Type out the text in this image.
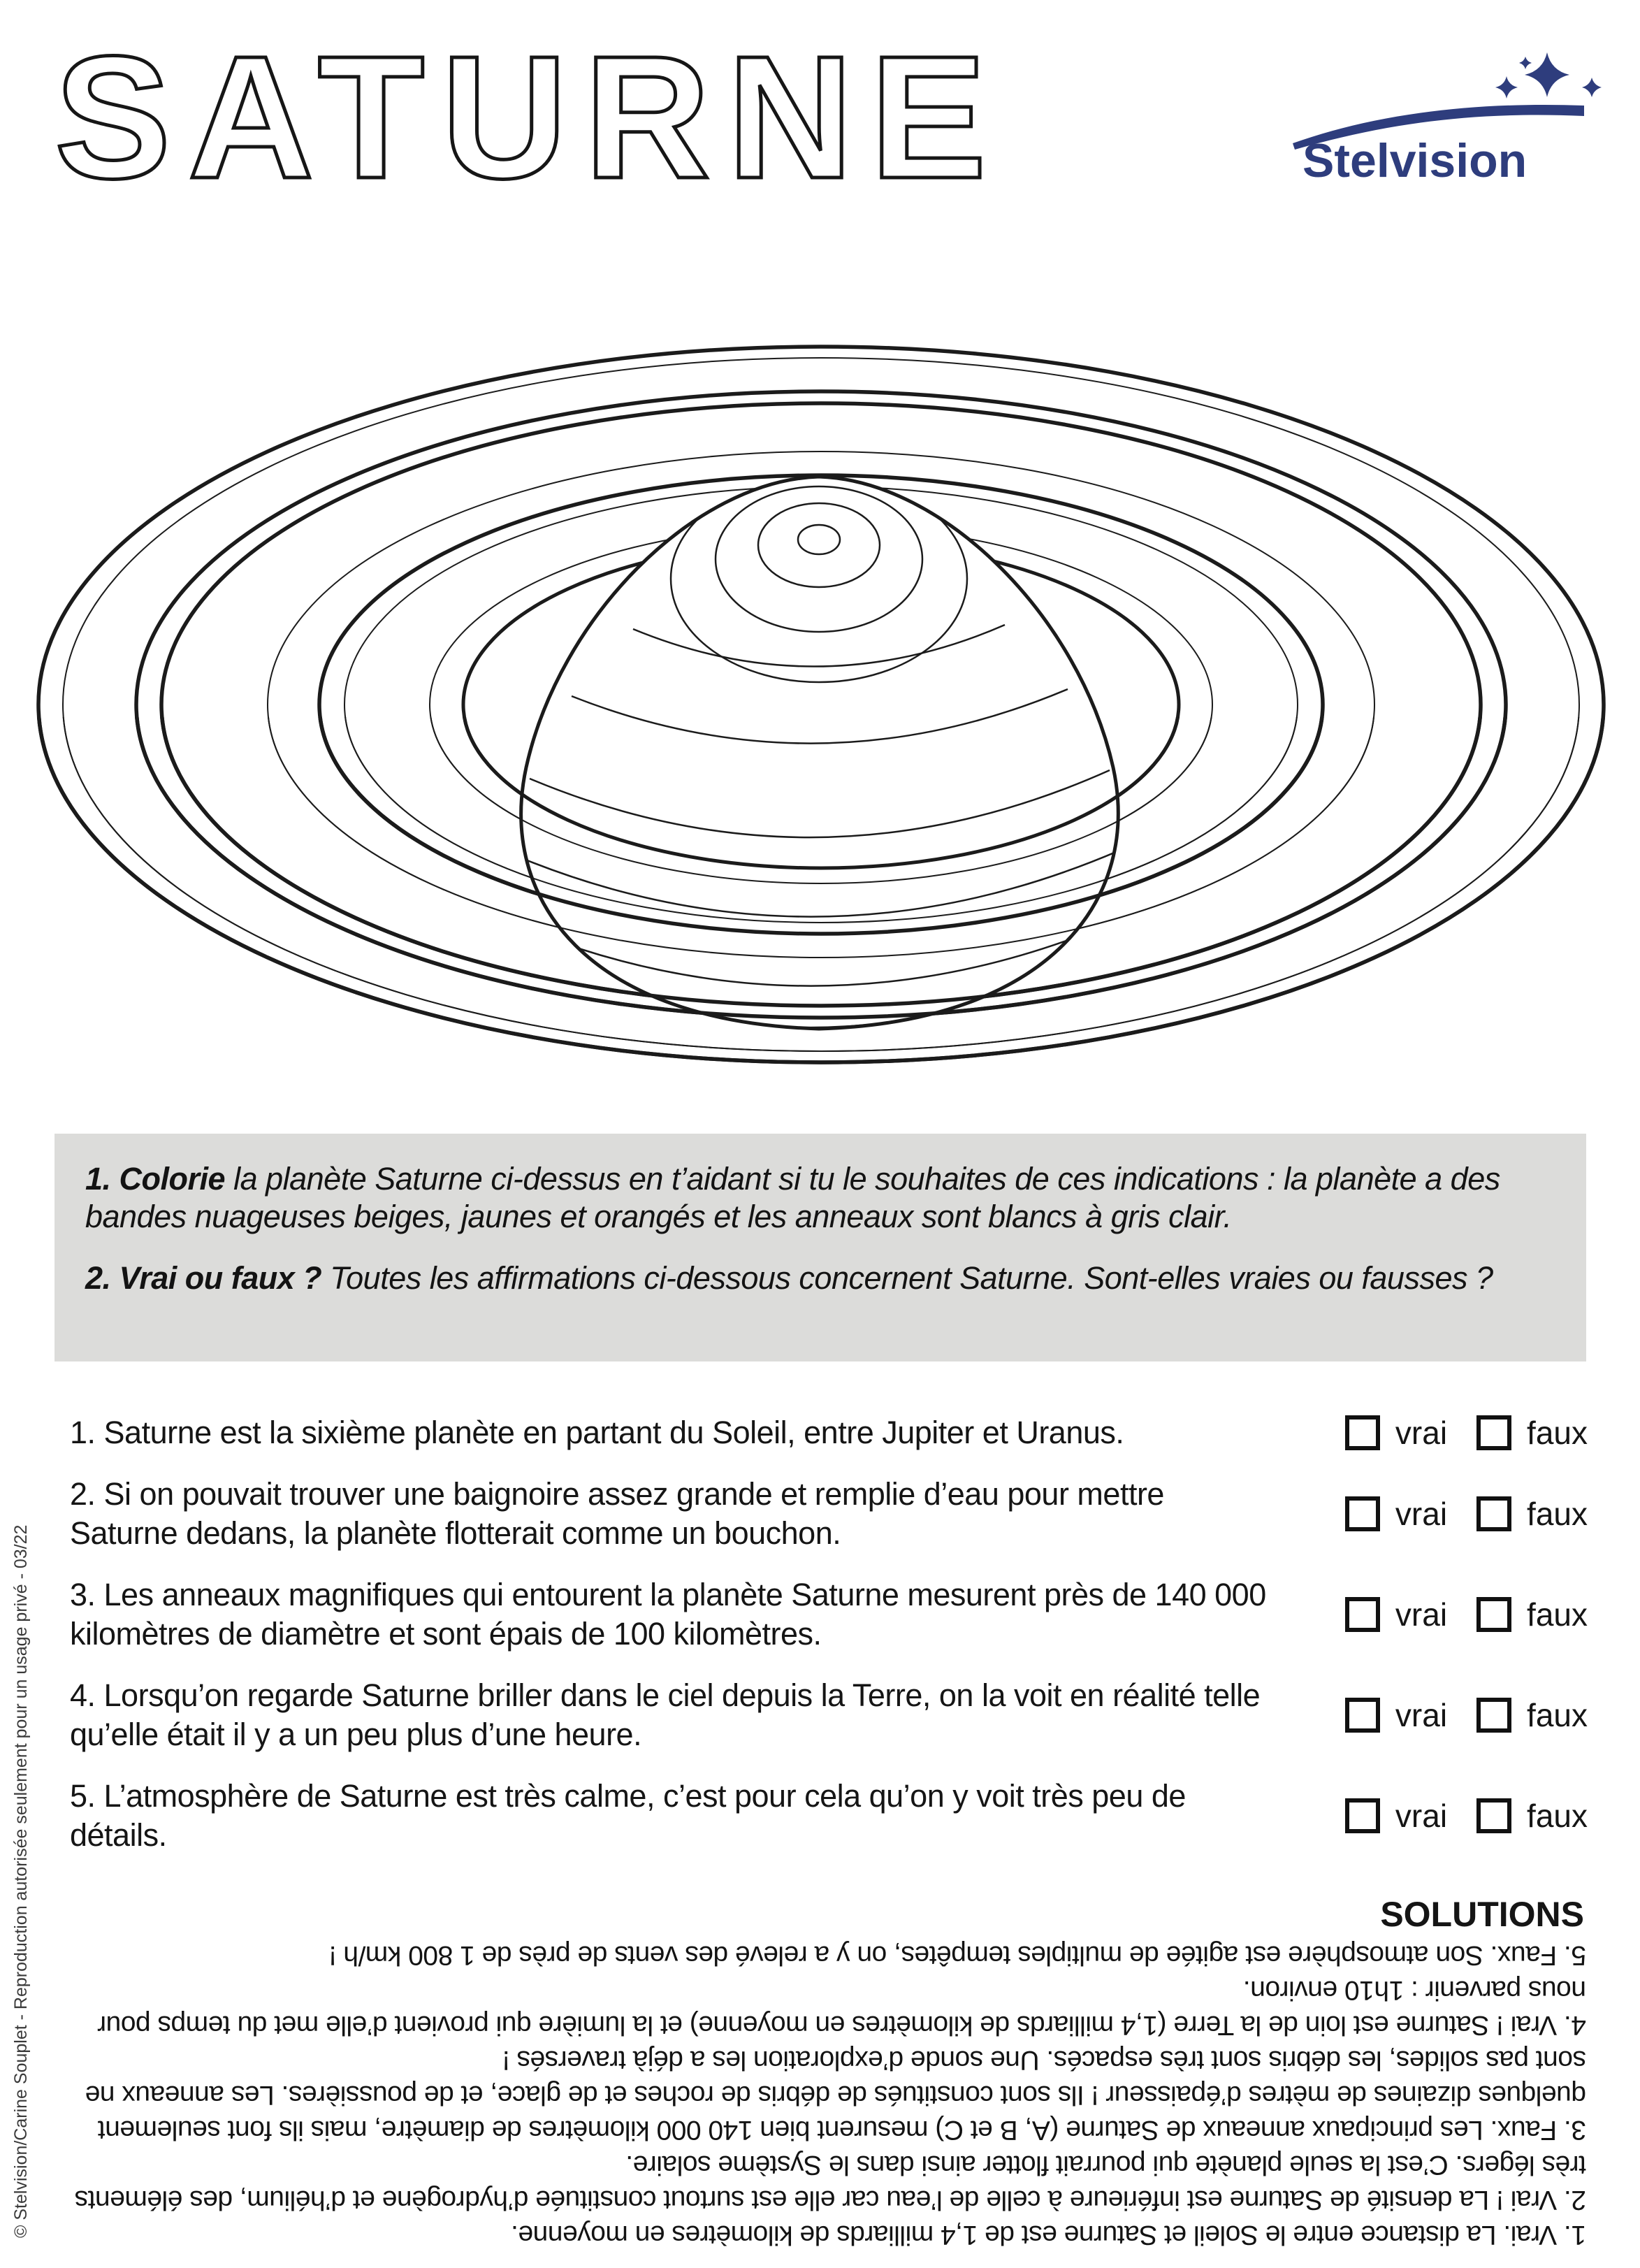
SATURNE	Stelvision

1. Colorie la planète Saturne ci-dessus en t’aidant si tu le souhaites de ces indications : la planète a des bandes nuageuses beiges, jaunes et orangés et les anneaux sont blancs à gris clair.

2. Vrai ou faux ? Toutes les affirmations ci-dessous concernent Saturne. Sont-elles vraies ou fausses ?

1. Saturne est la sixième planète en partant du Soleil, entre Jupiter et Uranus.	vrai faux
2. Si on pouvait trouver une baignoire assez grande et remplie d’eau pour mettre Saturne dedans, la planète flotterait comme un bouchon.
vrai faux
3. Les anneaux magnifiques qui entourent la planète Saturne mesurent près de 140 000 kilomètres de diamètre et sont épais de 100 kilomètres.
vrai faux
4. Lorsqu’on regarde Saturne briller dans le ciel depuis la Terre, on la voit en réalité telle qu’elle était il y a un peu plus d’une heure.
vrai faux
5. L’atmosphère de Saturne est très calme, c’est pour cela qu’on y voit très peu de détails.
vrai faux
SOLUTIONS

1. Vrai. La distance entre le Soleil et Saturne est de 1,4 milliards de kilomètres en moyenne.

2. Vrai ! La densité de Saturne est inférieure à celle de l’eau car elle est surtout constituée d’hydrogène et d’hélium, des éléments très légers. C’est la seule planète qui pourrait flotter ainsi dans le Système solaire.

3. Faux. Les principaux anneaux de Saturne (A, B et C) mesurent bien 140 000 kilomètres de diamètre, mais ils font seulement quelques dizaines de mètres d’épaisseur ! Ils sont constitués de débris de roches et de glace, et de poussières. Les anneaux ne sont pas solides, les débris sont très espacés. Une sonde d’exploration les a déjà traversés !

4. Vrai ! Saturne est loin de la Terre (1,4 milliards de kilomètres en moyenne) et la lumière qui provient d’elle met du temps pour nous parvenir : 1h10 environ.

5. Faux. Son atmosphère est agitée de multiples tempêtes, on y a relevé des vents de près de 1 800 km/h !

© Stelvision/Carine Souplet - Reproduction autorisée seulement pour un usage privé - 03/22
